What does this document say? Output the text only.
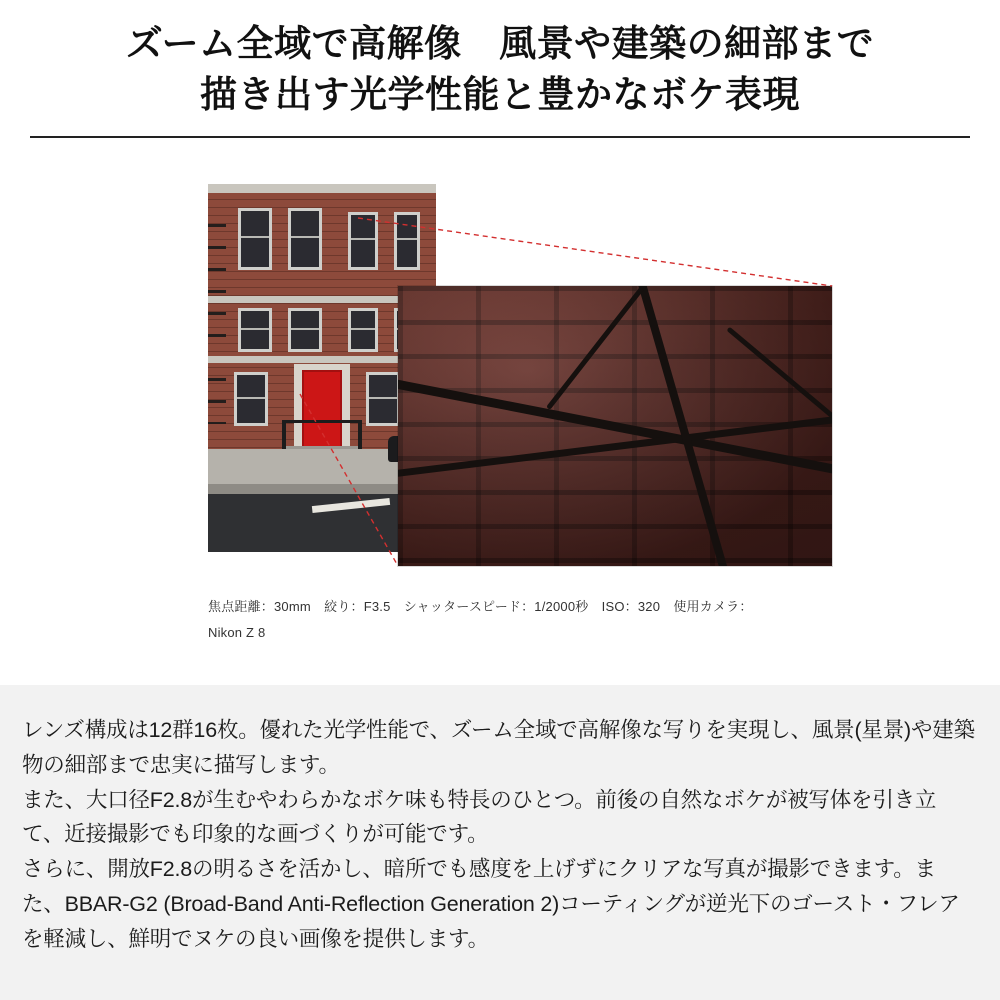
ズーム全域で高解像　風景や建築の細部まで
描き出す光学性能と豊かなボケ表現
焦点距離：30mm　絞り：F3.5　シャッタースピード：1/2000秒　ISO：320　使用カメラ：
Nikon Z 8

レンズ構成は12群16枚。優れた光学性能で、ズーム全域で高解像な写りを実現し、風景(星景)や建築物の細部まで忠実に描写します。

また、大口径F2.8が生むやわらかなボケ味も特長のひとつ。前後の自然なボケが被写体を引き立て、近接撮影でも印象的な画づくりが可能です。

さらに、開放F2.8の明るさを活かし、暗所でも感度を上げずにクリアな写真が撮影できます。また、BBAR-G2 (Broad-Band Anti-Reflection Generation 2)コーティングが逆光下のゴースト・フレアを軽減し、鮮明でヌケの良い画像を提供します。
